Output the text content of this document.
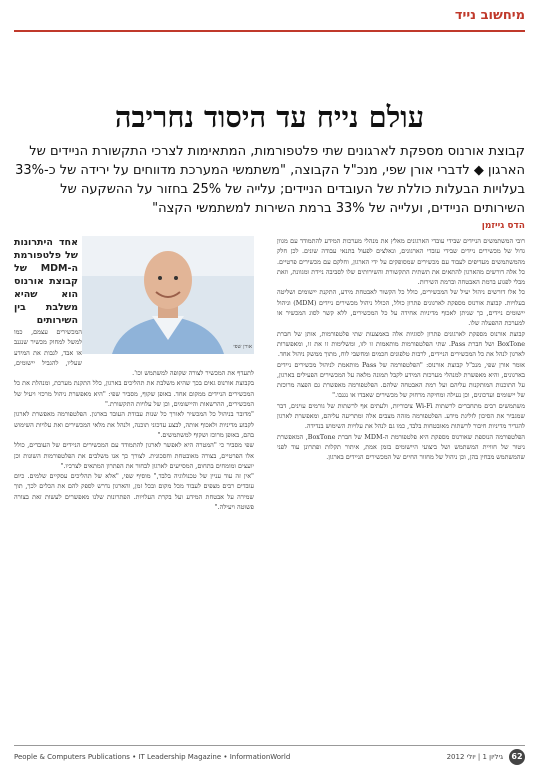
מיחשוב נייד
עולם נייח עד היסוד נחריבה
קבוצת אורנוס מספקת לארגונים שתי פלטפורמות, המתאימות לצרכי התקשורת הניידים של הארגון ◆ לדברי אורן שפי, מנכ"ל הקבוצה, "משתמשי המערכת מדווחים על ירידה של כ-33% בעלויות הבעלות כוללת של העובדים הניידים; עלייה של 25% בחזור על ההשקעה של השירותים הניידים, ועלייה של 33% ברמת השירות למשתמשי הקצה"
הדס גייזמן

רובי המשתמשים הניידים שבידי עובדי הארגונים מאלץ את מנהלי מערכות המידע להתמודד עם מגוון גדול של מכשירים ניידים שבידי עובדי הארגונים, ונאלצים לפעול בתנאי עבודה שונים. לכן חלק מהמשתמשים מעדיפים לעבוד עם מכשירים שמסופקים על ידי הארגון, וחלקם עם מכשירים פרטיים. כל אלה דורשים מהארגון להתאים את תשתית התקשורת והשירותים שלו לסביבה ניידת ומגוונת, וזאת מבלי לפגוע ברמת האבטחה וברמת השירות.

כל אלו דורשים ניהול יעיל של המכשירים, כולל כל הקשור לאבטחת מידע, התקנת יישומים ושליטה בעלויות. קבוצת אורנוס מספקת לארגונים פתרון כולל, הכולל ניהול מכשירים ניידים (MDM) וניהול יישומים ניידים, כך שניתן לאכוף מדיניות אחידה על כל המכשירים, ללא קשר לסוג המכשיר או למערכת ההפעלה שלו.

קבוצת אורנוס מספקת לארגונים פתרון לסוגיות אלה באמצעות שתי פלטפורמות, אותן של חברת BoxTone ושל חברת Pass. שתי הפלטפורמות מותאמות זו לזו, ומשלימות זו את זו, ומאפשרות לארגון לנהל את כל המכשירים הניידים, לרבות טלפונים חכמים ומחשבי לוח, מתוך ממשק ניהול אחד.

אומר אורן שפי, מנכ"ל קבוצת אורנוס: "הפלטפורמה של Pass מותאמת לניהול מכשירים ניידים בארגונים, והיא מאפשרת למנהלי מערכות המידע לקבל תמונה מלאה על המכשירים הפעילים בארגון, על התוכנות המותקנות עליהם ועל רמת האבטחה שלהם. הפלטפורמה מאפשרת גם הפצה מרוכזת של יישומים ועדכונים, וכן נעילה ומחיקה מרחוק של מכשירים שאבדו או נגנבו."

משתמשים רבים מתחברים לרשתות Wi-Fi ציבוריות, ולעתים אף לרשתות של גורמים עוינים, דבר שמגביר את הסיכון לזליגת מידע. הפלטפורמה מזהה מצבים אלה ומתריעה עליהם, ומאפשרת לארגון להגדיר מדיניות חיבור לרשתות מאובטחות בלבד, כמו גם לנהל את עלויות השימוש בנדידה.

הפלטפורמה הנוספת שאורנוס מספקת היא פלטפורמת ה-MDM של חברת BoxTone, המאפשרת ניטור של חוויית המשתמש ושל ביצועי היישומים בזמן אמת, איתור תקלות ופתרונן עוד לפני שהמשתמש מבחין בהן, וכן ניהול של מחזור החיים של המכשירים הניידים בארגון.

אורן שפי
אחד היתרונות של פלטפורמת ה-MDM של קבוצת אורנוס הוא שהיא משלבת בין השירותים

המכשירים עצמם, כמו למשל למחוק מכשיר שנגנב או אבד, לגבות את המידע שעליו, להגביל יישומים, לתעדף את המכשיר לצורה שקופה למשתמש וכו'.

בקבוצת אורנוס גאים בכך שהיא משלבת את תהליכים בארגון, כלל התקנת מערכת, ומנהלת את כל המכשירים הניידים ממקום אחד. באופן שקוף, מסביר שפי: "היא מאפשרת ניהול מרכזי ויעיל של המכשירים, ההרשאות והיישומים, וכן של עלויות התקשורת."

"מדובר בניהול כל המכשיר לאורך כל שנות עבודת העובד בארגון. הפלטפורמה מאפשרת לארגון לקבוע מדיניות ולאכוף אותה, לבצע עדכוני תוכנה, ולנהל את מלאי המכשירים ואת עלויות השימוש בהם, באופן מרוכז ושקוף למשתמשים."

שפי מסביר כי "המטרה היא לאפשר לארגון להתמודד עם המכשירים הניידים של העובדים, כולל אלו הפרטיים, בצורה מאובטחת וחסכונית. לצורך כך אנו משלבים את הפלטפורמות השונות וכן יועצים ומומחים בתחום, המסייעים לארגון לבחור את הפתרון המתאים לצרכיו."

"אין זה עוד עניין של טכנולוגיה בלבד," מוסיף שפי, "אלא של תהליכים עסקיים שלמים. כיום עובדים רבים מצפים לעבוד מכל מקום ובכל זמן, והארגון נדרש לספק להם את הכלים לכך, תוך שמירה על אבטחת המידע ועל בקרת העלויות. הפתרונות שלנו מאפשרים לעשות זאת בצורה פשוטה ויעילה."

62
גיליון 1 | יולי 2012
People & Computers Publications • IT Leadership Magazine • InformationWorld
